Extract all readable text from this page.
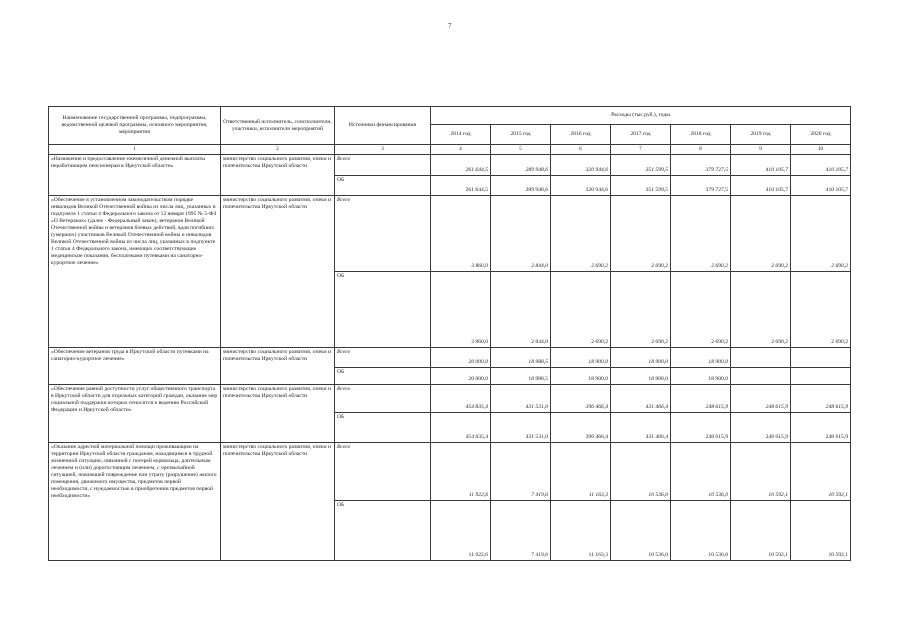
7
Наименование государственной программы, подпрограммы, ведомственной целевой программы, основного мероприятия, мероприятия	Ответственный исполнитель, соисполнители, участники, исполнители мероприятий	Источники финансирования	Расходы (тыс.руб.), годы						
			2014 год	2015 год	2016 год	2017 год	2018 год	2019 год	2020 год
1	2	3	4	5	6	7	8	9	10
«Назначение и предоставление ежемесячной денежной выплаты неработающим пенсионерам в Иркутской области»	министерство социального развития, опеки и попечительства Иркутской области	Всего	261 644,5	289 948,6	320 944,6	351 599,5	379 727,5	410 105,7	410 105,7
		ОБ	261 644,5	289 948,6	320 944,6	351 599,5	379 727,5	410 105,7	410 105,7
«Обеспечение в установленном законодательством порядке инвалидов Великой Отечественной войны из числа лиц, указанных в подпункте 1 статьи 4 Федерального закона от 12 января 1995 № 5-ФЗ «О Ветеранах» (далее - Федеральный закон), ветеранов Великой Отечественной войны и ветеранов боевых действий, вдов погибших (умерших) участников Великой Отечественной войны и инвалидов Великой Отечественной войны из числа лиц, указанных в подпункте 1 статьи 4 Федерального закона, имеющих соответствующие медицинские показания, бесплатными путевками на санаторно-курортное лечение»	министерство социального развития, опеки и попечительства Иркутской области	Всего	3 860,0	2 844,0	2 690,2	2 690,2	2 690,2	2 690,2	2 690,2
		ОБ	3 860,0	2 844,0	2 690,2	2 690,2	2 690,2	2 690,2	2 690,2
«Обеспечение ветеранов труда в Иркутской области путевками на санаторно-курортное лечение»	министерство социального развития, опеки и попечительства Иркутской области	Всего	20 000,0	18 988,5	18 900,0	18 900,0	18 900,0		
		ОБ	20 000,0	18 988,5	18 900,0	18 900,0	18 900,0		
«Обеспечение равной доступности услуг общественного транспорта в Иркутской области для отдельных категорий граждан, оказание мер социальной поддержки которых относится к ведению Российской Федерации и Иркутской области»	министерство социального развития, опеки и попечительства Иркутской области	Всего	454 835,4	431 531,0	396 466,4	431 466,4	248 615,9	248 615,9	248 615,9
		ОБ	454 835,4	431 531,0	396 466,4	431 466,4	248 615,9	248 615,9	248 615,9
«Оказание адресной материальной помощи проживающим на территории Иркутской области гражданам, находящимся в трудной жизненной ситуации, связанной с потерей кормильца, длительным лечением и (или) дорогостоящим лечением, с чрезвычайной ситуацией, повлекшей повреждение или утрату (разрушение) жилого помещения, движимого имущества, предметов первой необходимости, с нуждаемостью в приобретении предметов первой необходимости»	министерство социального развития, опеки и попечительства Иркутской области	Всего	11 922,6	7 419,6	11 163,3	10 536,0	10 536,0	10 592,1	10 592,1
		ОБ	11 922,6	7 419,6	11 163,3	10 536,0	10 536,0	10 592,1	10 592,1
